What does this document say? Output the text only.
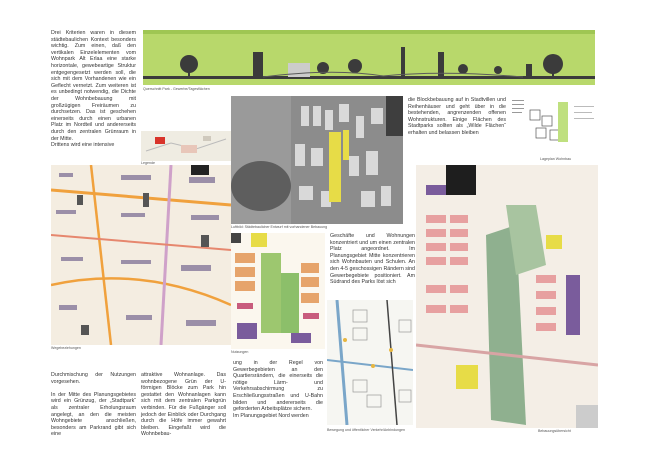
Drei Kriterien waren in diesem städtebaulichen Kontext besonders wichtig. Zum einen, daß den vertikalen Einzelelementen vom Wohnpark Alt Erlaa eine starke horizontale, gewebeartige Struktur entgegengesetzt werden soll, die sich mit dem Vorhandenen wie ein Geflecht vernetzt. Zum weiteren ist es unbedingt notwendig, die Dichte der Wohnbebauung mit großzügigen Freiräumen zu durchsetzen. Das ist geschehen einerseits durch einen urbanen Platz im Nordteil und andererseits durch den zentralen Grünraum in der Mitte.
Drittens wird eine intensive
Legende
Querschnitt Park - Gewerbe/Tagesflächen
Luftbild: Städtebaulicher Entwurf mit vorhandener Bebauung
die Blockbebauung auf in Stadtvillen und Reihenhäuser und geht über in die bestehenden, angrenzenden offenen Wohnstrukturen. Einige Flächen des Stadtparks sollten als „Wilde Flächen“ erhalten und belassen bleiben
Lageplan Wohnbau
Wegebeziehungen
Durchmischung der Nutzungen vorgesehen.

In der Mitte des Planungsgebietes wird ein Grünzug, der „Stadtpark“ als zentraler Erholungsraum angelegt, an den die meisten Wohngebiete anschließen, besonders am Parkrand gibt sich eine
Nutzungen
attraktive Wohnanlage. Das wohnbezogene Grün der U-förmigen Blöcke zum Park hin gestattet den Wohnanlagen kann sich mit dem zentralen Parkgrün verbinden. Für die Fußgänger soll jedoch der Einblick oder Durchgang durch die Höfe immer gewahrt bleiben. Eingefaßt wird die Wohnbebau-
ung in der Regel von Gewerbegebieten an den Quartiersrändern, die einerseits die nötige Lärm- und Verkehrsabschirmung zu Erschließungsstraßen und U-Bahn bilden und andererseits die geforderten Arbeitsplätze sichern.
Im Planungsgebiet Nord werden
Geschäfte und Wohnungen konzentriert und um einen zentralen Platz angeordnet. Im Planungsgebiet Mitte konzentrieren sich Wohnbauten und Schulen. An den 4-5 geschossigen Rändern sind Gewerbegebiete positioniert. Am Südrand des Parks löst sich
Bewegung und öffentlicher Verkehr/Anbindungen	Bebauungsübersicht
